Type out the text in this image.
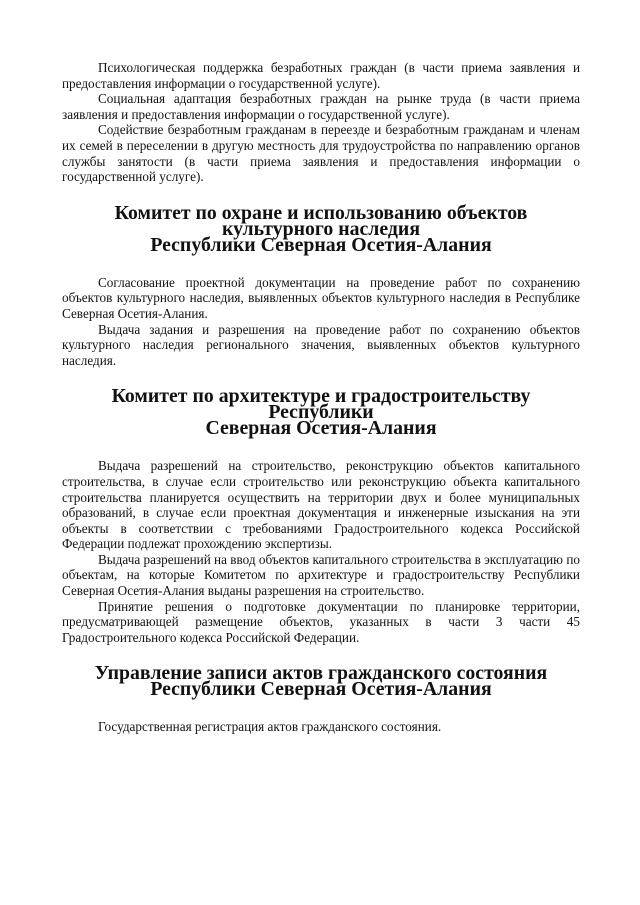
Психологическая поддержка безработных граждан (в части приема заявления и предоставления информации о государственной услуге).

Социальная адаптация безработных граждан на рынке труда (в части приема заявления и предоставления информации о государственной услуге).

Содействие безработным гражданам в переезде и безработным гражданам и членам их семей в переселении в другую местность для трудоустройства по направлению органов службы занятости (в части приема заявления и предоставления информации о государственной услуге).

Комитет по охране и использованию объектов культурного наследия
Республики Северная Осетия-Алания

Согласование проектной документации на проведение работ по сохранению объектов культурного наследия, выявленных объектов культурного наследия в Республике Северная Осетия-Алания.

Выдача задания и разрешения на проведение работ по сохранению объектов культурного наследия регионального значения, выявленных объектов культурного наследия.

Комитет по архитектуре и градостроительству Республики
Северная Осетия-Алания

Выдача разрешений на строительство, реконструкцию объектов капитального строительства, в случае если строительство или реконструкцию объекта капитального строительства планируется осуществить на территории двух и более муниципальных образований, в случае если проектная документация и инженерные изыскания на эти объекты в соответствии с требованиями Градостроительного кодекса Российской Федерации подлежат прохождению экспертизы.

Выдача разрешений на ввод объектов капитального строительства в эксплуатацию по объектам, на которые Комитетом по архитектуре и градостроительству Республики Северная Осетия-Алания выданы разрешения на строительство.

Принятие решения о подготовке документации по планировке территории, предусматривающей размещение объектов, указанных в части 3 части 45 Градостроительного кодекса Российской Федерации.

Управление записи актов гражданского состояния
Республики Северная Осетия-Алания

Государственная регистрация актов гражданского состояния.
